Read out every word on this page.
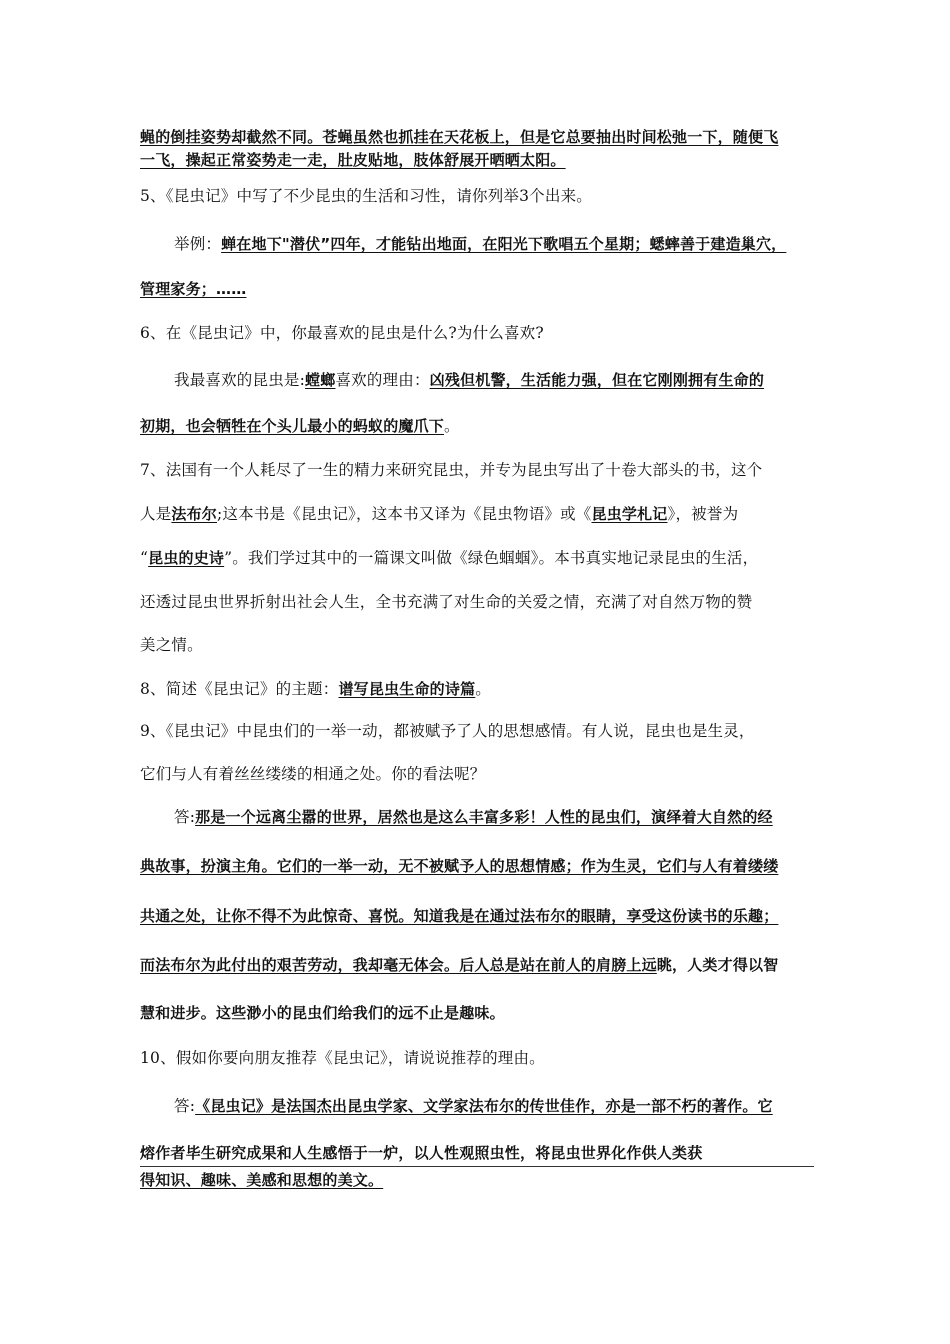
蝇的倒挂姿势却截然不同。苍蝇虽然也抓挂在天花板上，但是它总要抽出时间松弛一下，随便飞
一飞，操起正常姿势走一走，肚皮贴地，肢体舒展开晒晒太阳。
5、《昆虫记》中写了不少昆虫的生活和习性，请你列举3个出来。
举例：蝉在地下"潜伏”四年，才能钻出地面，在阳光下歌唱五个星期；蟋蟀善于建造巢穴，
管理家务；……
6、在《昆虫记》中，你最喜欢的昆虫是什么?为什么喜欢?
我最喜欢的昆虫是:螳螂喜欢的理由：凶残但机警，生活能力强，但在它刚刚拥有生命的
初期，也会牺牲在个头儿最小的蚂蚁的魔爪下。
7、法国有一个人耗尽了一生的精力来研究昆虫，并专为昆虫写出了十卷大部头的书，这个
人是法布尔;这本书是《昆虫记》，这本书又译为《昆虫物语》或《昆虫学札记》，被誉为
“昆虫的史诗”。我们学过其中的一篇课文叫做《绿色蝈蝈》。本书真实地记录昆虫的生活，
还透过昆虫世界折射出社会人生，全书充满了对生命的关爱之情，充满了对自然万物的赞
美之情。
8、简述《昆虫记》的主题：谱写昆虫生命的诗篇。
9、《昆虫记》中昆虫们的一举一动，都被赋予了人的思想感情。有人说，昆虫也是生灵，
它们与人有着丝丝缕缕的相通之处。你的看法呢？
答:那是一个远离尘嚣的世界，居然也是这么丰富多彩！人性的昆虫们，演绎着大自然的经
典故事，扮演主角。它们的一举一动，无不被赋予人的思想情感；作为生灵，它们与人有着缕缕
共通之处，让你不得不为此惊奇、喜悦。知道我是在通过法布尔的眼睛，享受这份读书的乐趣；
而法布尔为此付出的艰苦劳动，我却毫无体会。后人总是站在前人的肩膀上远眺，人类才得以智
慧和进步。这些渺小的昆虫们给我们的远不止是趣味。
10、假如你要向朋友推荐《昆虫记》，请说说推荐的理由。
答:《昆虫记》是法国杰出昆虫学家、文学家法布尔的传世佳作，亦是一部不朽的著作。它
熔作者毕生研究成果和人生感悟于一炉，以人性观照虫性，将昆虫世界化作供人类获
得知识、趣味、美感和思想的美文。
